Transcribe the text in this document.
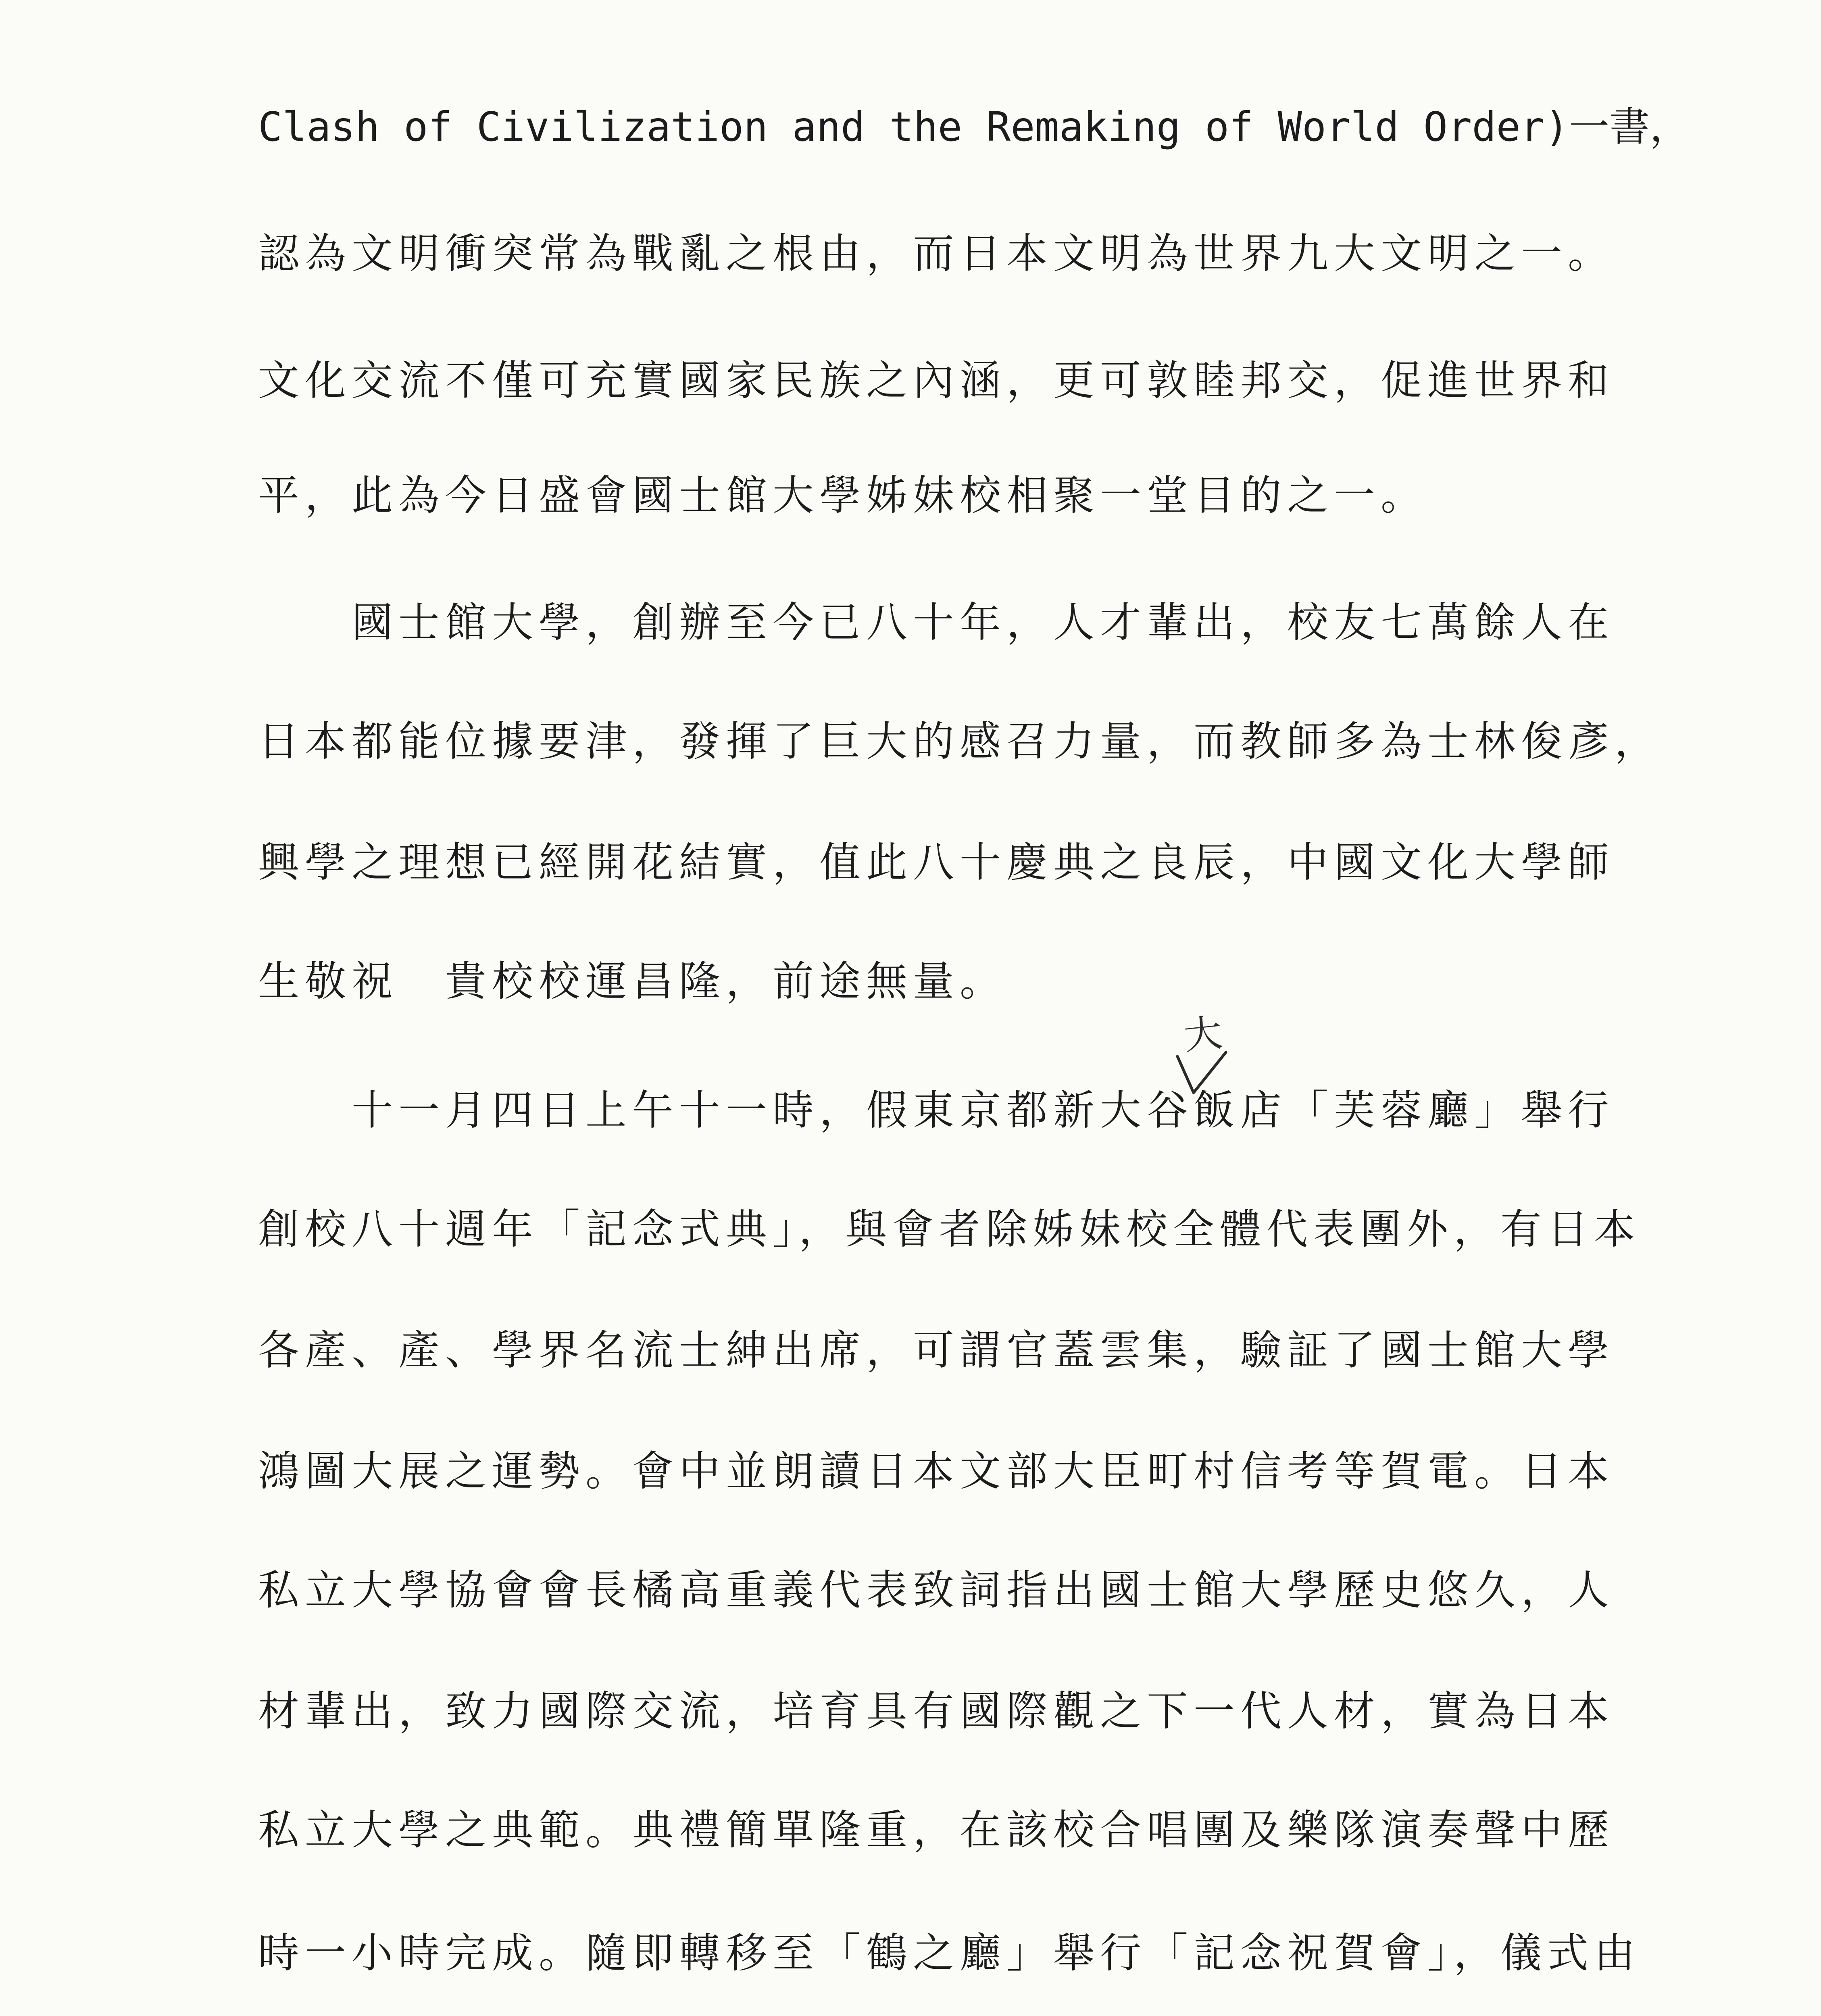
Clash of Civilization and the Remaking of World Order)一書，
認為文明衝突常為戰亂之根由，而日本文明為世界九大文明之一。
文化交流不僅可充實國家民族之內涵，更可敦睦邦交，促進世界和
平，此為今日盛會國士館大學姊妹校相聚一堂目的之一。
　　國士館大學，創辦至今已八十年，人才輩出，校友七萬餘人在
日本都能位據要津，發揮了巨大的感召力量，而教師多為士林俊彥，
興學之理想已經開花結實，值此八十慶典之良辰，中國文化大學師
生敬祝　貴校校運昌隆，前途無量。
　　十一月四日上午十一時，假東京都新大谷飯店「芙蓉廳」舉行
創校八十週年「記念式典」，與會者除姊妹校全體代表團外，有日本
各產、產、學界名流士紳出席，可謂官蓋雲集，驗証了國士館大學
鴻圖大展之運勢。會中並朗讀日本文部大臣町村信考等賀電。日本
私立大學協會會長橘高重義代表致詞指出國士館大學歷史悠久，人
材輩出，致力國際交流，培育具有國際觀之下一代人材，實為日本
私立大學之典範。典禮簡單隆重，在該校合唱團及樂隊演奏聲中歷
時一小時完成。隨即轉移至「鶴之廳」舉行「記念祝賀會」，儀式由
大
